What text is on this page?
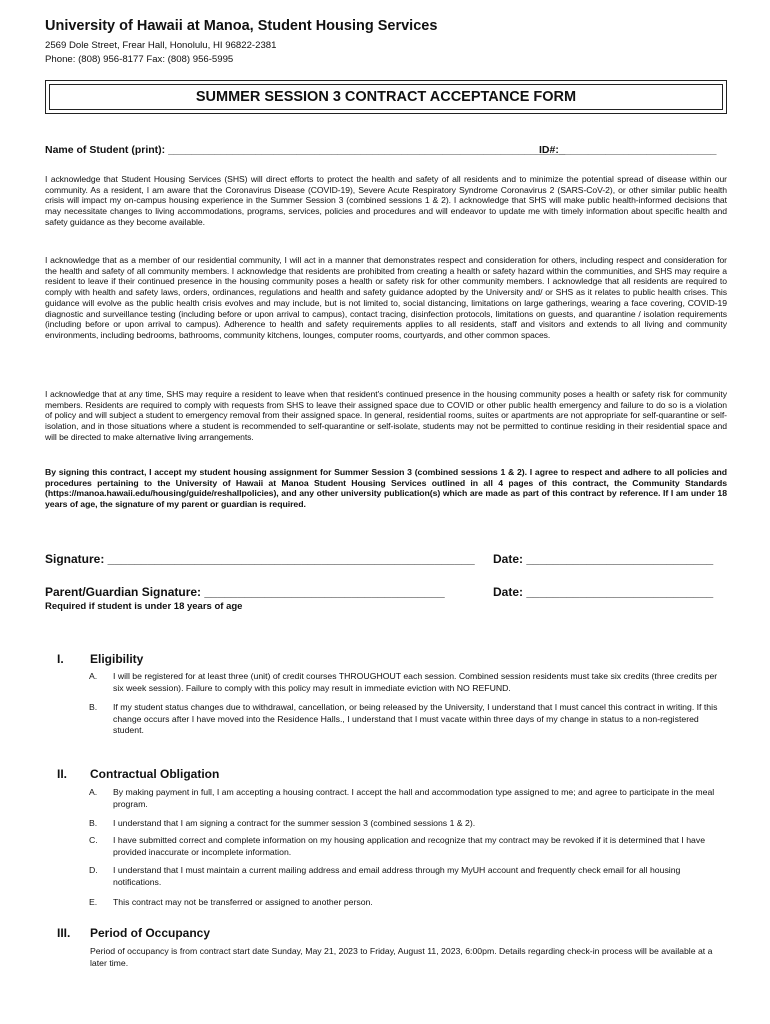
University of Hawaii at Manoa, Student Housing Services
2569 Dole Street, Frear Hall, Honolulu, HI 96822-2381
Phone: (808) 956-8177 Fax: (808) 956-5995
SUMMER SESSION 3 CONTRACT ACCEPTANCE FORM
Name of Student (print): ____________________________________________________________________
ID#:___________________________

I acknowledge that Student Housing Services (SHS) will direct efforts to protect the health and safety of all residents and to minimize the potential spread of disease within our community. As a resident, I am aware that the Coronavirus Disease (COVID-19), Severe Acute Respiratory Syndrome Coronavirus 2 (SARS-CoV-2), or other similar public health crisis will impact my on-campus housing experience in the Summer Session 3 (combined sessions 1 & 2). I acknowledge that SHS will make public health-informed decisions that may necessitate changes to living accommodations, programs, services, policies and procedures and will endeavor to update me with timely information about specific health and safety guidance as they become available.

I acknowledge that as a member of our residential community, I will act in a manner that demonstrates respect and consideration for others, including respect and consideration for the health and safety of all community members. I acknowledge that residents are prohibited from creating a health or safety hazard within the communities, and SHS may require a resident to leave if their continued presence in the housing community poses a health or safety risk for other community members. I acknowledge that all residents are required to comply with health and safety laws, orders, ordinances, regulations and health and safety guidance adopted by the University and/ or SHS as it relates to public health crises. This guidance will evolve as the public health crisis evolves and may include, but is not limited to, social distancing, limitations on large gatherings, wearing a face covering, COVID-19 diagnostic and surveillance testing (including before or upon arrival to campus), contact tracing, disinfection protocols, limitations on guests, and quarantine / isolation requirements (including before or upon arrival to campus). Adherence to health and safety requirements applies to all residents, staff and visitors and extends to all living and community environments, including bedrooms, bathrooms, community kitchens, lounges, computer rooms, courtyards, and other common spaces.

I acknowledge that at any time, SHS may require a resident to leave when that resident's continued presence in the housing community poses a health or safety risk for community members. Residents are required to comply with requests from SHS to leave their assigned space due to COVID or other public health emergency and failure to do so is a violation of policy and will subject a student to emergency removal from their assigned space. In general, residential rooms, suites or apartments are not appropriate for self-quarantine or self-isolation, and in those situations where a student is recommended to self-quarantine or self-isolate, students may not be permitted to continue residing in their residential space and will be directed to make alternative living arrangements.

By signing this contract, I accept my student housing assignment for Summer Session 3 (combined sessions 1 & 2). I agree to respect and adhere to all policies and procedures pertaining to the University of Hawaii at Manoa Student Housing Services outlined in all 4 pages of this contract, the Community Standards (https://manoa.hawaii.edu/housing/guide/reshallpolicies), and any other university publication(s) which are made as part of this contract by reference. If I am under 18 years of age, the signature of my parent or guardian is required.

Signature: _______________________________________________________ Date: ____________________________
Parent/Guardian Signature: ____________________________________	Date: ____________________________
Required if student is under 18 years of age
I. Eligibility
A. I will be registered for at least three (unit) of credit courses THROUGHOUT each session. Combined session residents must take six credits (three credits per six week session). Failure to comply with this policy may result in immediate eviction with NO REFUND.

B. If my student status changes due to withdrawal, cancellation, or being released by the University, I understand that I must cancel this contract in writing. If this change occurs after I have moved into the Residence Halls., I understand that I must vacate within three days of my change in status to a non-registered student.

II. Contractual Obligation
A. By making payment in full, I am accepting a housing contract. I accept the hall and accommodation type assigned to me; and agree to participate in the meal program.

B. I understand that I am signing a contract for the summer session 3 (combined sessions 1 & 2).

C. I have submitted correct and complete information on my housing application and recognize that my contract may be revoked if it is determined that I have provided inaccurate or incomplete information.

D. I understand that I must maintain a current mailing address and email address through my MyUH account and frequently check email for all housing notifications.

E. This contract may not be transferred or assigned to another person.

III. Period of Occupancy

Period of occupancy is from contract start date Sunday, May 21, 2023 to Friday, August 11, 2023, 6:00pm. Details regarding check-in process will be available at a later time.
